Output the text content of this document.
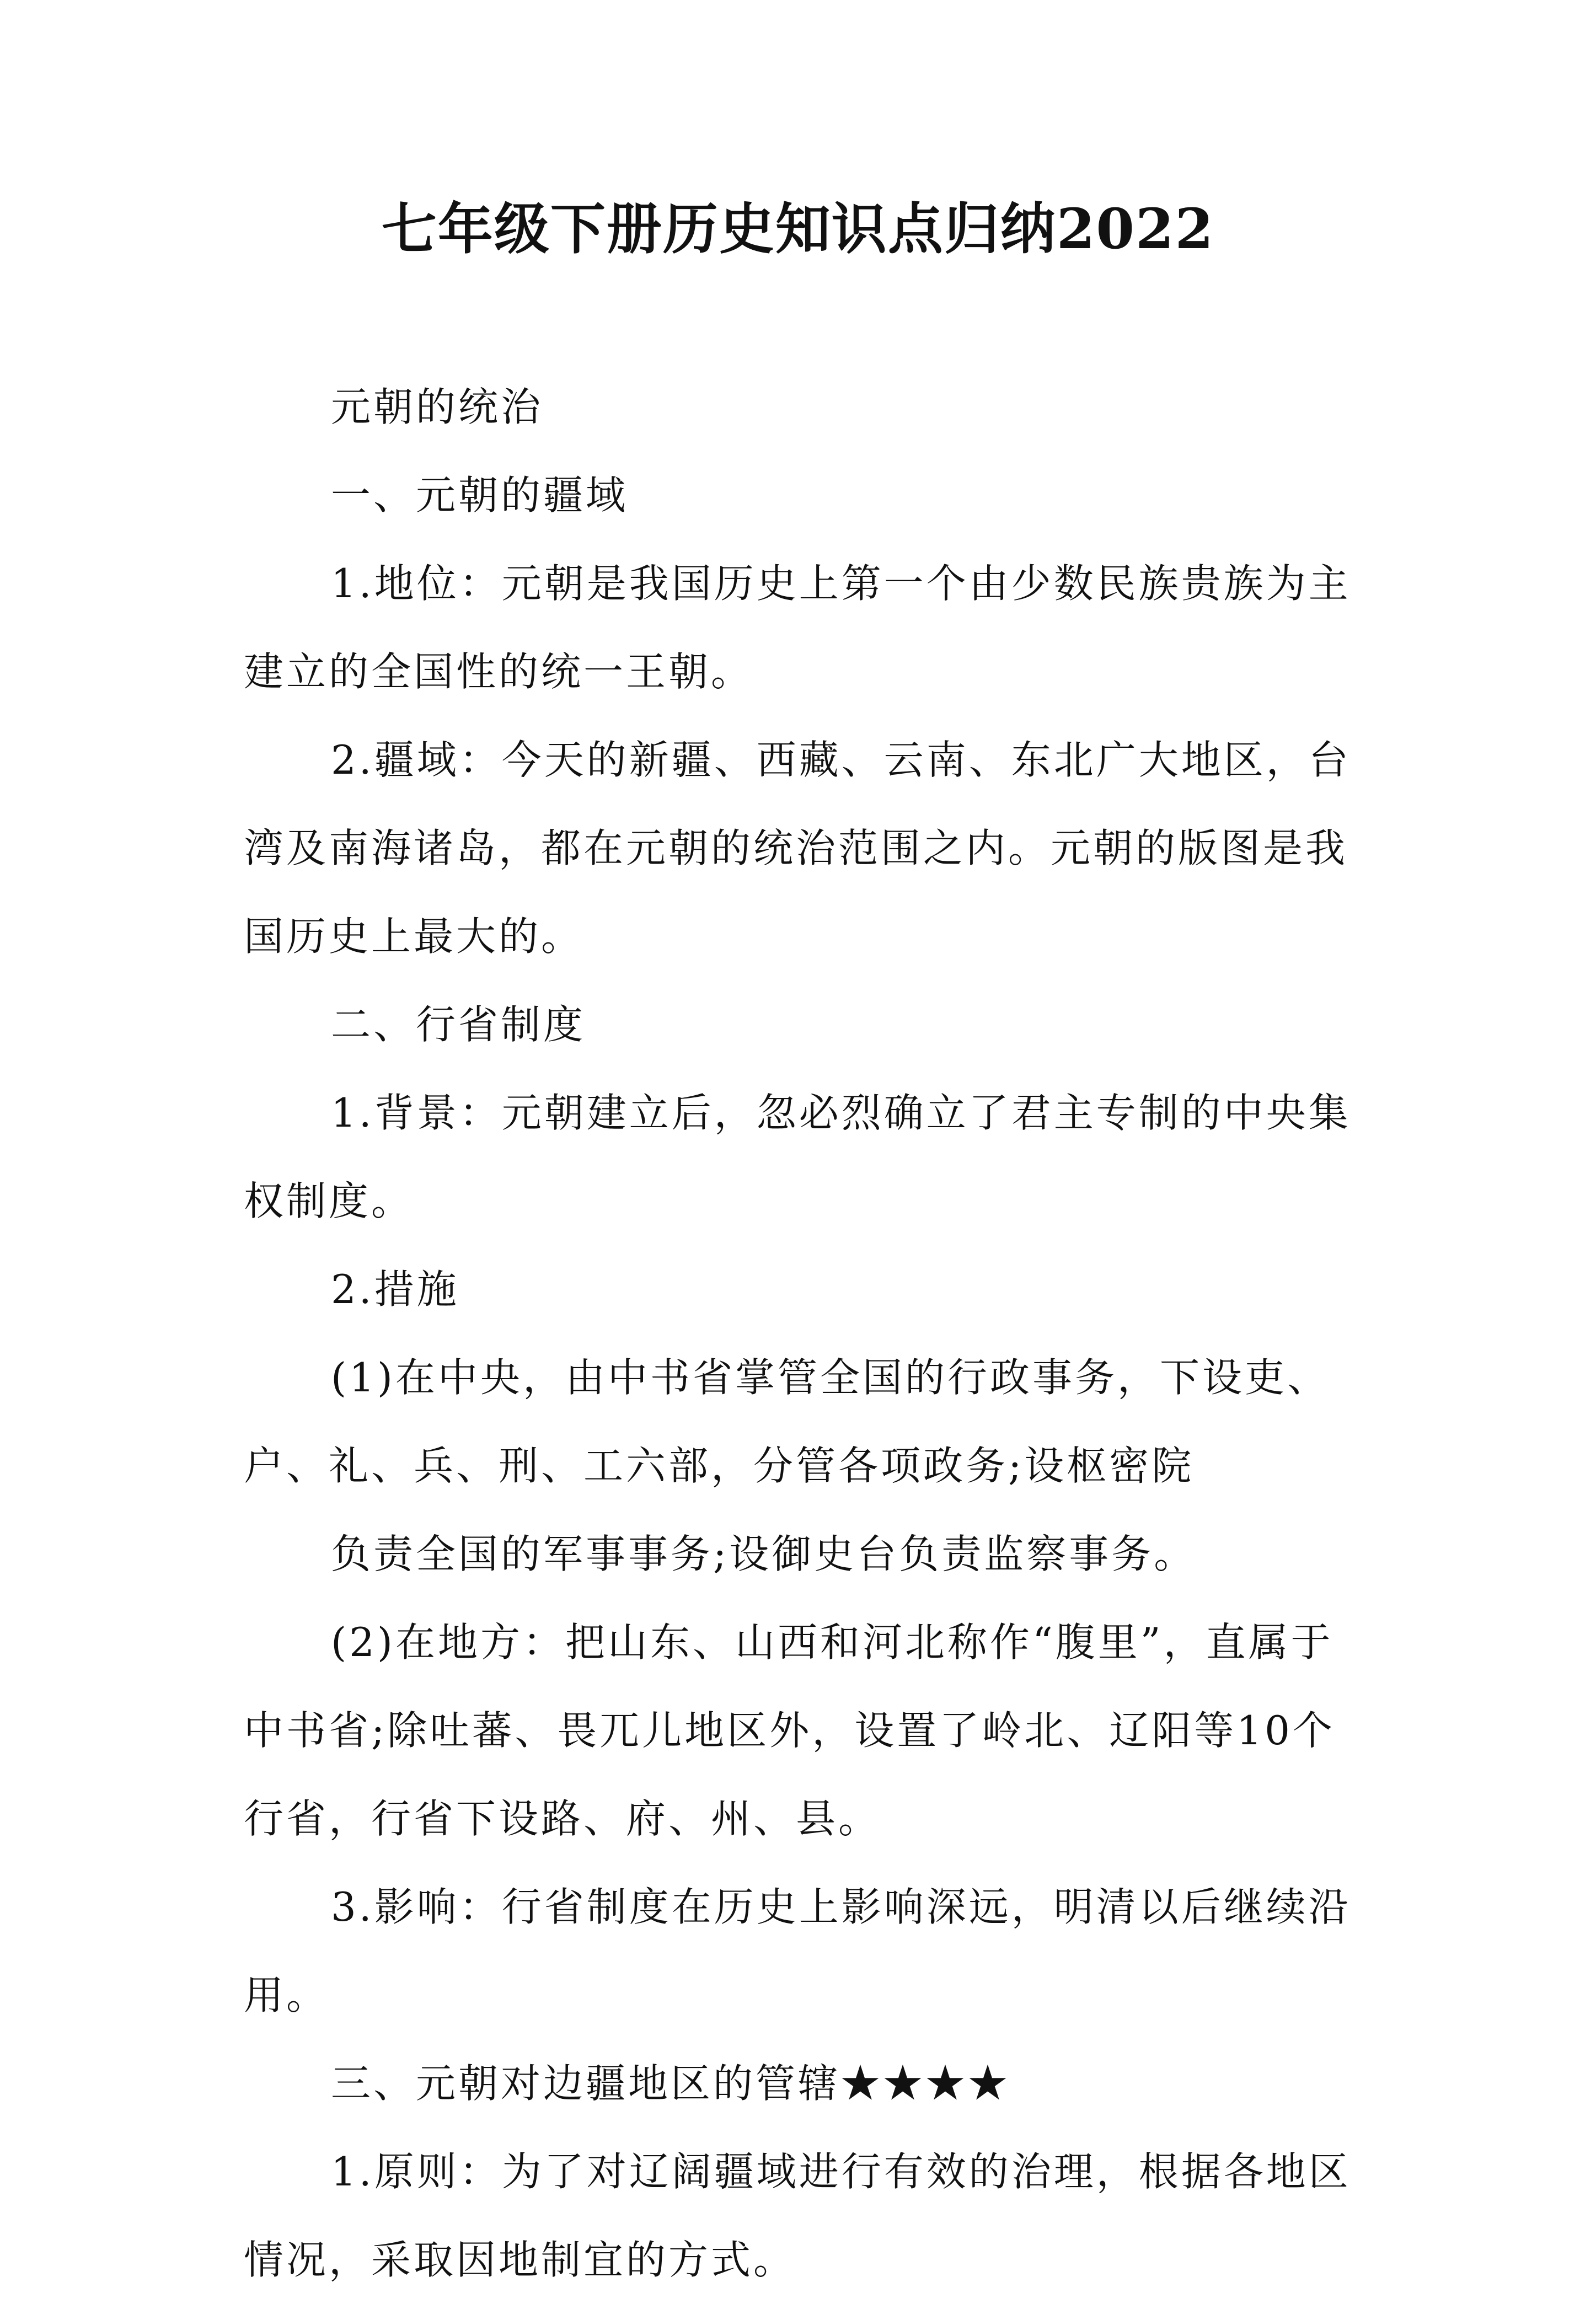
七年级下册历史知识点归纳2022

元朝的统治

一、元朝的疆域

1.地位：元朝是我国历史上第一个由少数民族贵族为主建立的全国性的统一王朝。

2.疆域：今天的新疆、西藏、云南、东北广大地区，台湾及南海诸岛，都在元朝的统治范围之内。元朝的版图是我国历史上最大的。

二、行省制度

1.背景：元朝建立后，忽必烈确立了君主专制的中央集权制度。

2.措施

(1)在中央，由中书省掌管全国的行政事务，下设吏、户、礼、兵、刑、工六部，分管各项政务;设枢密院

负责全国的军事事务;设御史台负责监察事务。

(2)在地方：把山东、山西和河北称作“腹里”，直属于中书省;除吐蕃、畏兀儿地区外，设置了岭北、辽阳等10个行省，行省下设路、府、州、县。

3.影响：行省制度在历史上影响深远，明清以后继续沿用。

三、元朝对边疆地区的管辖★★★★

1.原则：为了对辽阔疆域进行有效的治理，根据各地区情况，采取因地制宜的方式。
